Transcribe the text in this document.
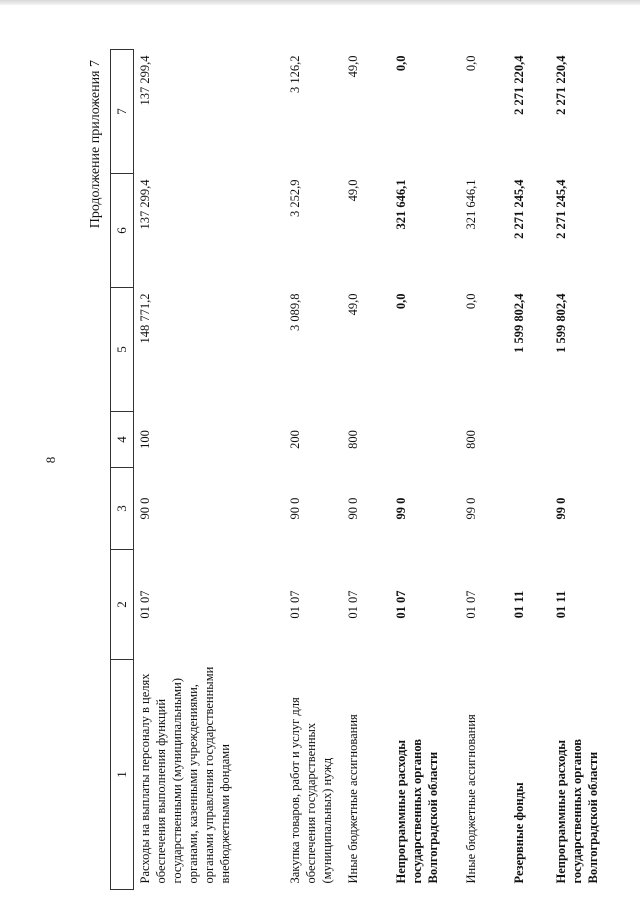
8
Продолжение приложения 7
1	2	3	4	5	6	7
Расходы на выплаты персоналу в целях обеспечения выполнения функций государственными (муниципальными) органами, казенными учреждениями, органами управления государственными внебюджетными фондами	01 07	90 0	100	148 771,2	137 299,4	137 299,4
Закупка товаров, работ и услуг для обеспечения государственных (муниципальных) нужд	01 07	90 0	200	3 089,8	3 252,9	3 126,2
Иные бюджетные ассигнования	01 07	90 0	800	49,0	49,0	49,0
Непрограммные расходы государственных органов Волгоградской области	01 07	99 0		0,0	321 646,1	0,0
Иные бюджетные ассигнования	01 07	99 0	800	0,0	321 646,1	0,0
Резервные фонды	01 11			1 599 802,4	2 271 245,4	2 271 220,4
Непрограммные расходы государственных органов Волгоградской области	01 11	99 0		1 599 802,4	2 271 245,4	2 271 220,4
